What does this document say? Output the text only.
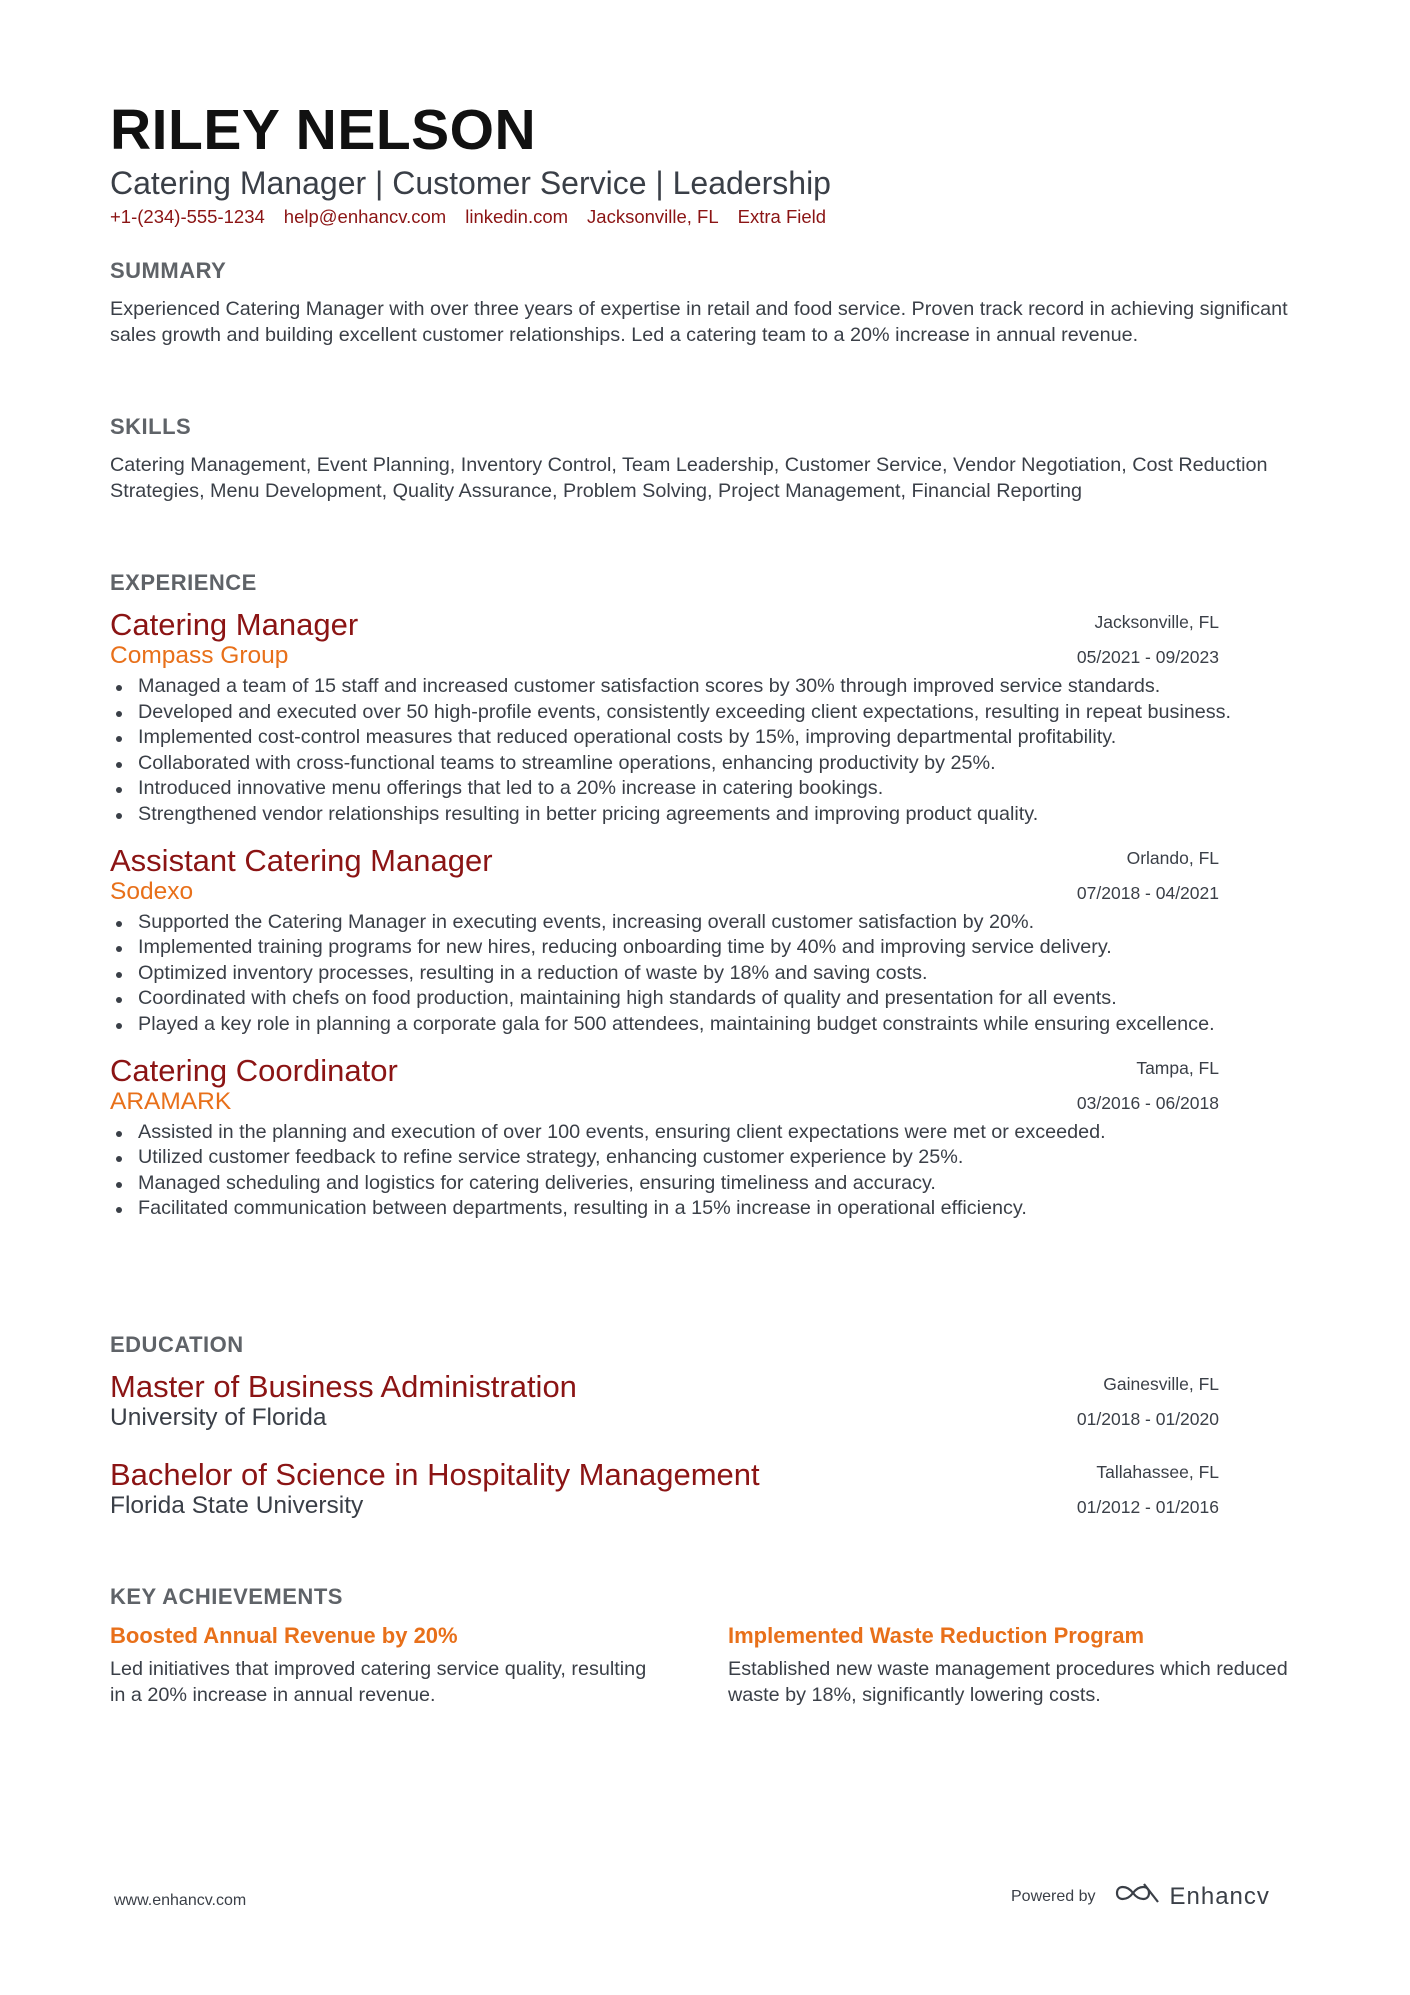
RILEY NELSON
Catering Manager | Customer Service | Leadership
+1-(234)-555-1234 help@enhancv.com linkedin.com Jacksonville, FL Extra Field
SUMMARY
Experienced Catering Manager with over three years of expertise in retail and food service. Proven track record in achieving significant sales growth and building excellent customer relationships. Led a catering team to a 20% increase in annual revenue.
SKILLS
Catering Management, Event Planning, Inventory Control, Team Leadership, Customer Service, Vendor Negotiation, Cost Reduction Strategies, Menu Development, Quality Assurance, Problem Solving, Project Management, Financial Reporting
EXPERIENCE
Catering Manager
Compass Group
Jacksonville, FL
05/2021 - 09/2023
Managed a team of 15 staff and increased customer satisfaction scores by 30% through improved service standards.
Developed and executed over 50 high-profile events, consistently exceeding client expectations, resulting in repeat business.
Implemented cost-control measures that reduced operational costs by 15%, improving departmental profitability.
Collaborated with cross-functional teams to streamline operations, enhancing productivity by 25%.
Introduced innovative menu offerings that led to a 20% increase in catering bookings.
Strengthened vendor relationships resulting in better pricing agreements and improving product quality.
Assistant Catering Manager
Sodexo
Orlando, FL
07/2018 - 04/2021
Supported the Catering Manager in executing events, increasing overall customer satisfaction by 20%.
Implemented training programs for new hires, reducing onboarding time by 40% and improving service delivery.
Optimized inventory processes, resulting in a reduction of waste by 18% and saving costs.
Coordinated with chefs on food production, maintaining high standards of quality and presentation for all events.
Played a key role in planning a corporate gala for 500 attendees, maintaining budget constraints while ensuring excellence.
Catering Coordinator
ARAMARK
Tampa, FL
03/2016 - 06/2018
Assisted in the planning and execution of over 100 events, ensuring client expectations were met or exceeded.
Utilized customer feedback to refine service strategy, enhancing customer experience by 25%.
Managed scheduling and logistics for catering deliveries, ensuring timeliness and accuracy.
Facilitated communication between departments, resulting in a 15% increase in operational efficiency.
EDUCATION
Master of Business Administration
University of Florida
Gainesville, FL
01/2018 - 01/2020
Bachelor of Science in Hospitality Management
Florida State University
Tallahassee, FL
01/2012 - 01/2016
KEY ACHIEVEMENTS
Boosted Annual Revenue by 20%
Led initiatives that improved catering service quality, resulting in a 20% increase in annual revenue.
Implemented Waste Reduction Program
Established new waste management procedures which reduced waste by 18%, significantly lowering costs.
www.enhancv.com	Powered by	Enhancv
